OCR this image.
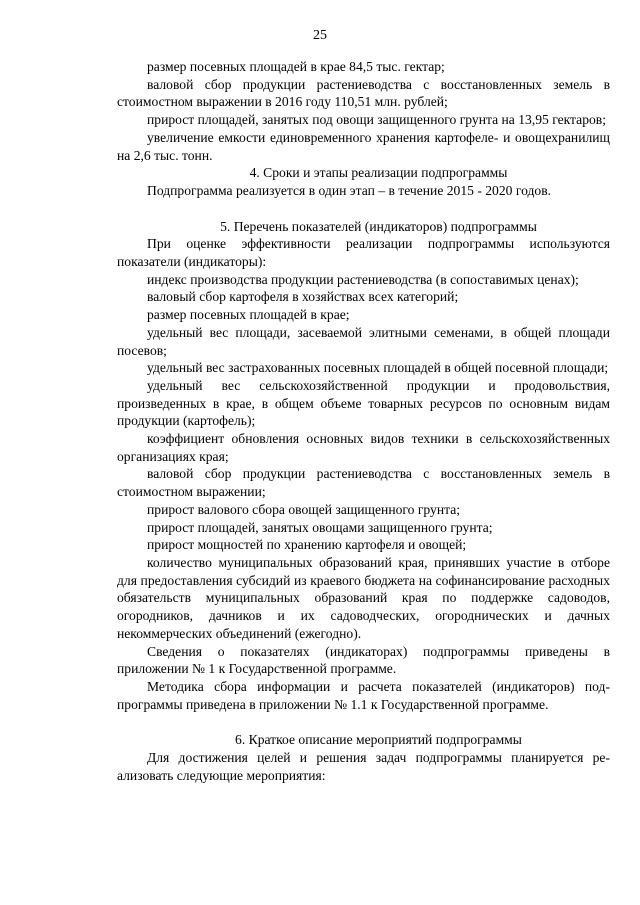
25

размер посевных площадей в крае 84,5 тыс. гектар;

валовой сбор продукции растениеводства с восстановленных земель в стоимостном выражении в 2016 году 110,51 млн. рублей;

прирост площадей, занятых под овощи защищенного грунта на 13,95 гектаров;

увеличение емкости единовременного хранения картофеле- и овощехранилищ на 2,6 тыс. тонн.

4. Сроки и этапы реализации подпрограммы

Подпрограмма реализуется в один этап – в течение 2015 - 2020 годов.

5. Перечень показателей (индикаторов) подпрограммы

При оценке эффективности реализации подпрограммы используются показатели (индикаторы):

индекс производства продукции растениеводства (в сопоставимых ценах);

валовый сбор картофеля в хозяйствах всех категорий;

размер посевных площадей в крае;

удельный вес площади, засеваемой элитными семенами, в общей площади посевов;

удельный вес застрахованных посевных площадей в общей посевной площади;

удельный вес сельскохозяйственной продукции и продовольствия, произведенных в крае, в общем объеме товарных ресурсов по основным видам продукции (картофель);

коэффициент обновления основных видов техники в сельскохозяйственных организациях края;

валовой сбор продукции растениеводства с восстановленных земель в стоимостном выражении;

прирост валового сбора овощей защищенного грунта;

прирост площадей, занятых овощами защищенного грунта;

прирост мощностей по хранению картофеля и овощей;

количество муниципальных образований края, принявших участие в отборе для предоставления субсидий из краевого бюджета на софинансирование расходных обязательств муниципальных образований края по поддержке садоводов, огородников, дачников и их садоводческих, огороднических и дачных некоммерческих объединений (ежегодно).

Сведения о показателях (индикаторах) подпрограммы приведены в приложении № 1 к Государственной программе.

Методика сбора информации и расчета показателей (индикаторов) подпрограммы приведена в приложении № 1.1 к Государственной программе.

6. Краткое описание мероприятий подпрограммы

Для достижения целей и решения задач подпрограммы планируется реализовать следующие мероприятия:
